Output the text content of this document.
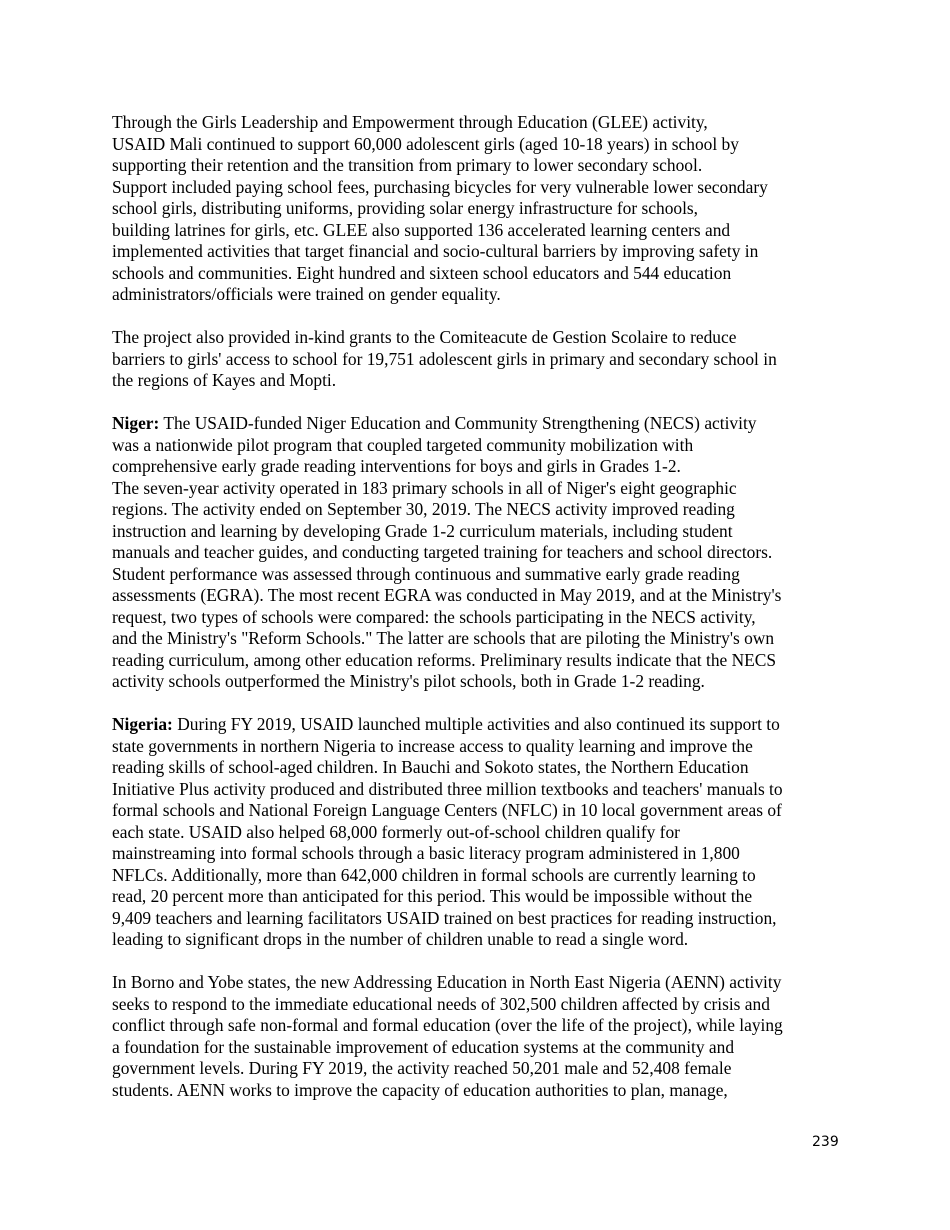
Through the Girls Leadership and Empowerment through Education (GLEE) activity,
USAID Mali continued to support 60,000 adolescent girls (aged 10-18 years) in school by
supporting their retention and the transition from primary to lower secondary school.
Support included paying school fees, purchasing bicycles for very vulnerable lower secondary
school girls, distributing uniforms, providing solar energy infrastructure for schools,
building latrines for girls, etc. GLEE also supported 136 accelerated learning centers and
implemented activities that target financial and socio-cultural barriers by improving safety in
schools and communities. Eight hundred and sixteen school educators and 544 education
administrators/officials were trained on gender equality.
The project also provided in-kind grants to the Comiteacute de Gestion Scolaire to reduce
barriers to girls' access to school for 19,751 adolescent girls in primary and secondary school in
the regions of Kayes and Mopti.
Niger: The USAID-funded Niger Education and Community Strengthening (NECS) activity
was a nationwide pilot program that coupled targeted community mobilization with
comprehensive early grade reading interventions for boys and girls in Grades 1-2.
The seven-year activity operated in 183 primary schools in all of Niger's eight geographic
regions. The activity ended on September 30, 2019. The NECS activity improved reading
instruction and learning by developing Grade 1-2 curriculum materials, including student
manuals and teacher guides, and conducting targeted training for teachers and school directors.
Student performance was assessed through continuous and summative early grade reading
assessments (EGRA). The most recent EGRA was conducted in May 2019, and at the Ministry's
request, two types of schools were compared: the schools participating in the NECS activity,
and the Ministry's "Reform Schools." The latter are schools that are piloting the Ministry's own
reading curriculum, among other education reforms. Preliminary results indicate that the NECS
activity schools outperformed the Ministry's pilot schools, both in Grade 1-2 reading.
Nigeria: During FY 2019, USAID launched multiple activities and also continued its support to
state governments in northern Nigeria to increase access to quality learning and improve the
reading skills of school-aged children. In Bauchi and Sokoto states, the Northern Education
Initiative Plus activity produced and distributed three million textbooks and teachers' manuals to
formal schools and National Foreign Language Centers (NFLC) in 10 local government areas of
each state. USAID also helped 68,000 formerly out-of-school children qualify for
mainstreaming into formal schools through a basic literacy program administered in 1,800
NFLCs. Additionally, more than 642,000 children in formal schools are currently learning to
read, 20 percent more than anticipated for this period. This would be impossible without the
9,409 teachers and learning facilitators USAID trained on best practices for reading instruction,
leading to significant drops in the number of children unable to read a single word.
In Borno and Yobe states, the new Addressing Education in North East Nigeria (AENN) activity
seeks to respond to the immediate educational needs of 302,500 children affected by crisis and
conflict through safe non-formal and formal education (over the life of the project), while laying
a foundation for the sustainable improvement of education systems at the community and
government levels. During FY 2019, the activity reached 50,201 male and 52,408 female
students. AENN works to improve the capacity of education authorities to plan, manage,
239
